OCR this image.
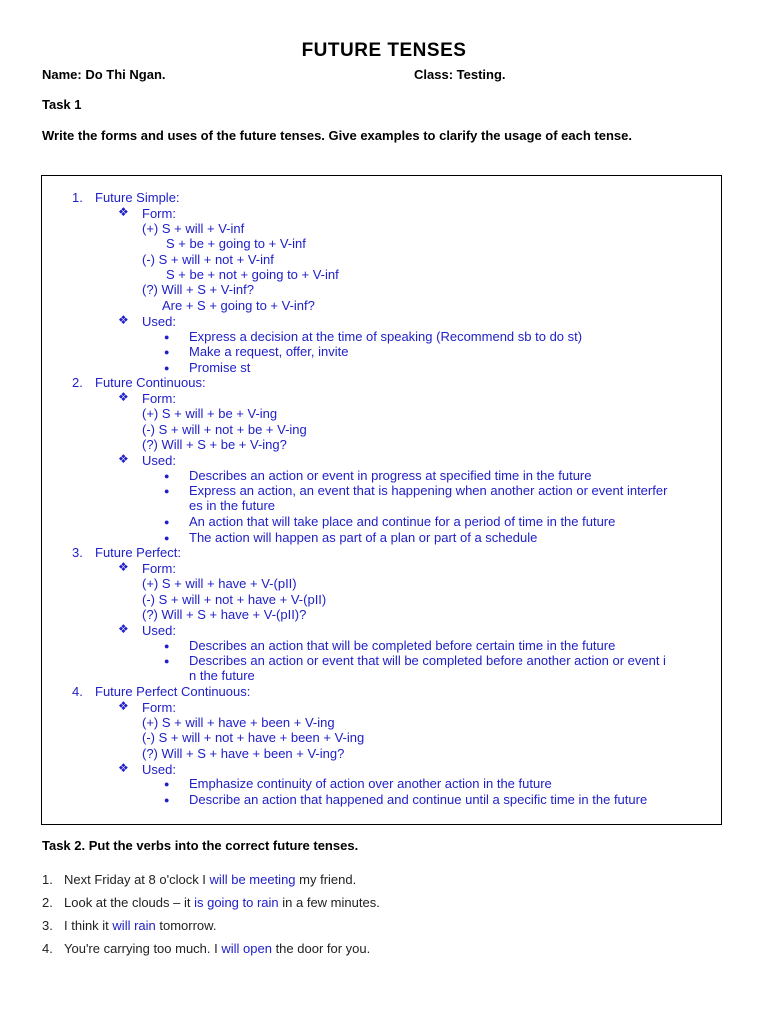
FUTURE TENSES
Name: Do Thi Ngan.	Class: Testing.
Task 1
Write the forms and uses of the future tenses. Give examples to clarify the usage of each tense.
1. Future Simple:
❖ Form:
(+) S + will + V-inf
S + be + going to + V-inf
(-) S + will + not + V-inf
S + be + not + going to + V-inf
(?) Will + S + V-inf?
Are + S + going to + V-inf?
❖ Used:
● Express a decision at the time of speaking (Recommend sb to do st)
● Make a request, offer, invite
● Promise st
2. Future Continuous:
❖ Form:
(+) S + will + be + V-ing
(-) S + will + not + be + V-ing
(?) Will + S + be + V-ing?
❖ Used:
● Describes an action or event in progress at specified time in the future
● Express an action, an event that is happening when another action or event interfer
es in the future
● An action that will take place and continue for a period of time in the future
● The action will happen as part of a plan or part of a schedule
3. Future Perfect:
❖ Form:
(+) S + will + have + V-(pII)
(-) S + will + not + have + V-(pII)
(?) Will + S + have + V-(pII)?
❖ Used:
● Describes an action that will be completed before certain time in the future
● Describes an action or event that will be completed before another action or event i
n the future
4. Future Perfect Continuous:
❖ Form:
(+) S + will + have + been + V-ing
(-) S + will + not + have + been + V-ing
(?) Will + S + have + been + V-ing?
❖ Used:
● Emphasize continuity of action over another action in the future
● Describe an action that happened and continue until a specific time in the future
Task 2. Put the verbs into the correct future tenses.
1. Next Friday at 8 o'clock I will be meeting my friend.
2. Look at the clouds – it is going to rain in a few minutes.
3. I think it will rain tomorrow.
4. You're carrying too much. I will open the door for you.
